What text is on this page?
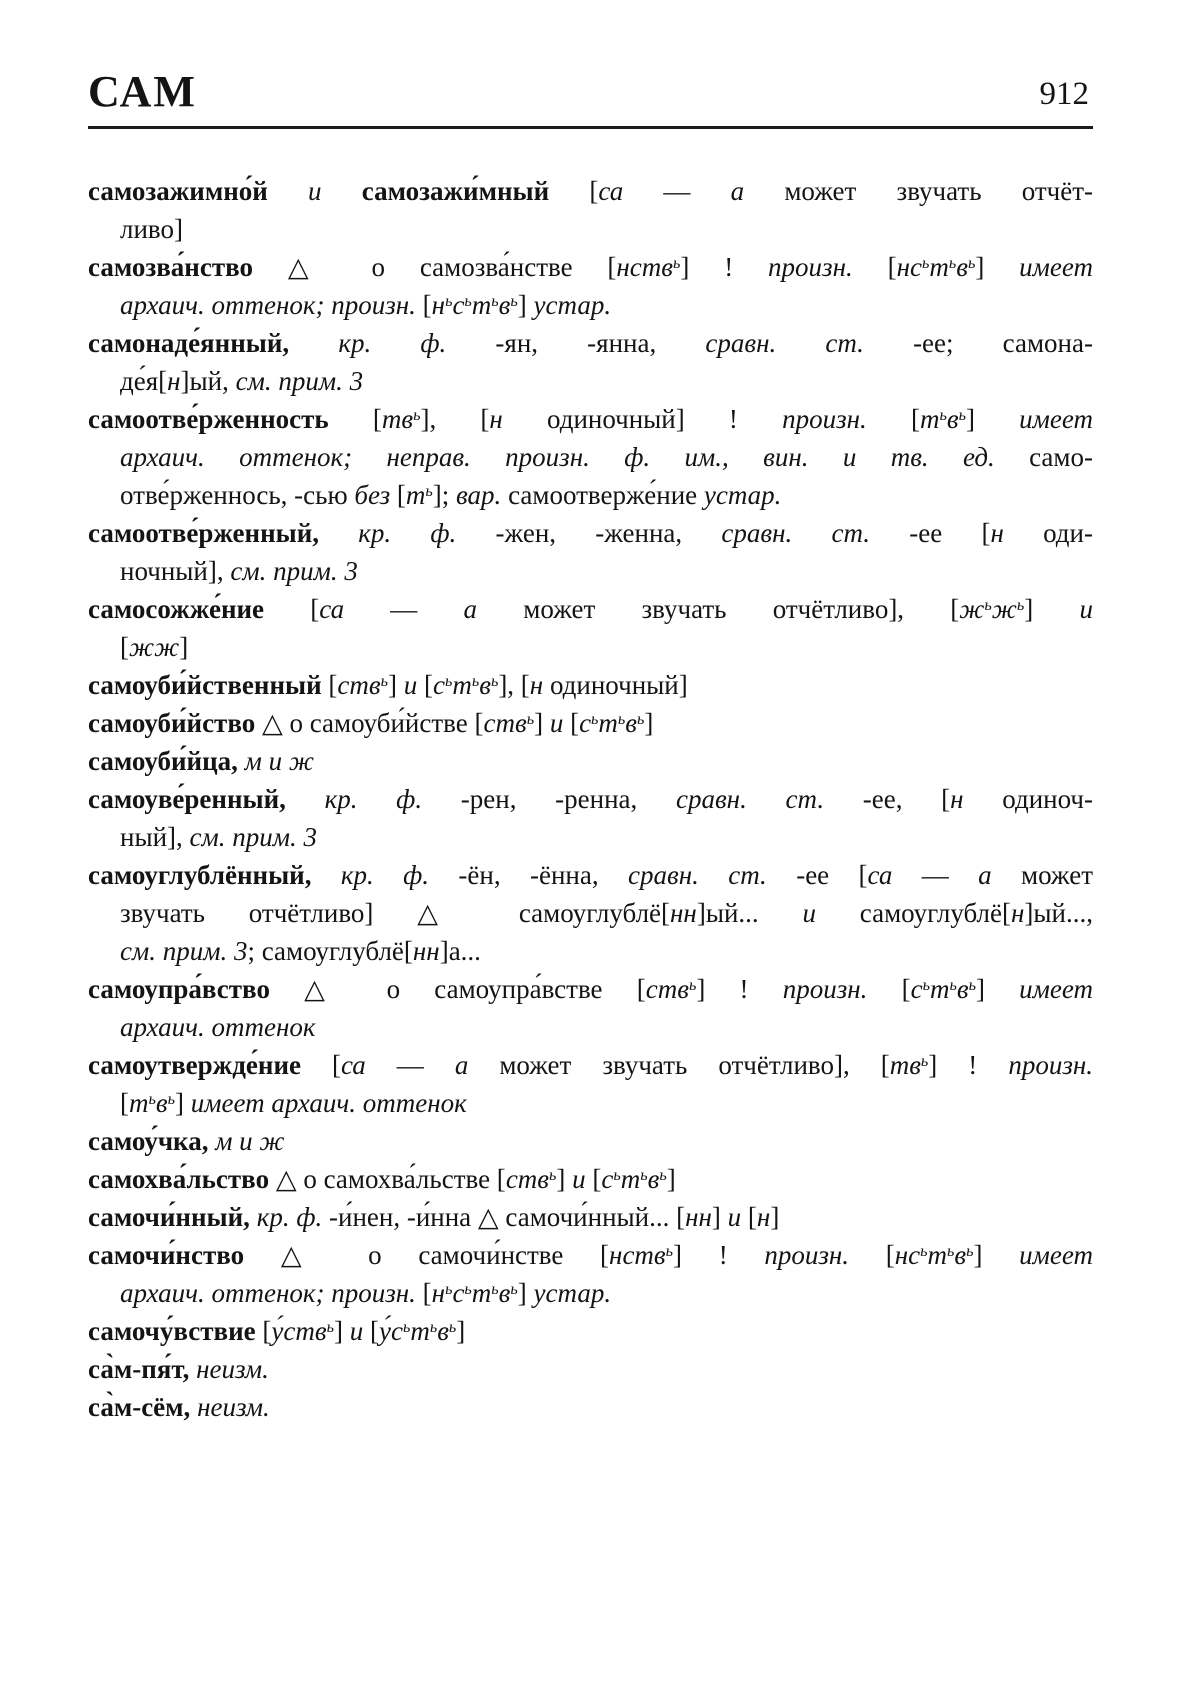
САМ	912
самозажимно́й и самозажи́мный [са — а может звучать отчёт-
ливо]
самозва́нство △ о самозва́нстве [нств$^ь$] ! произн. $[нс^ьт^ьв^ь]$ имеет
архаич. оттенок; произн. $[н^ьс^ьт^ьв^ь]$ устар.
самонаде́янный, кр. ф. -ян, -янна, сравн. ст. -ее; самона-
де́я[н]ый, см. прим. 3
самоотве́рженность $[тв^ь]$, [н одиночный] ! произн. $[т^ьв^ь]$ имеет
архаич. оттенок; неправ. произн. ф. им., вин. и тв. ед. само-
отве́рженнось, -сью без $[т^ь]$; вар. самоотверже́ние устар.
самоотве́рженный, кр. ф. -жен, -женна, сравн. ст. -ее [н оди-
ночный], см. прим. 3
самосожже́ние [са — а может звучать отчётливо], $[ж^ьж^ь]$ и
[жж]
самоуби́йственный [ств$^ь$] и $[с^ьт^ьв^ь]$, [н одиночный]
самоуби́йство △ о самоуби́йстве [ств$^ь$] и $[с^ьт^ьв^ь]$
самоуби́йца, м и ж
самоуве́ренный, кр. ф. -рен, -ренна, сравн. ст. -ее, [н одиноч-
ный], см. прим. 3
самоуглублённый, кр. ф. -ён, -ённа, сравн. ст. -ее [са — а может
звучать отчётливо] △ самоуглублё[нн]ый... и самоуглублё[н]ый...,
см. прим. 3; самоуглублё[нн]а...
самоупра́вство △ о самоупра́встве [ств$^ь$] ! произн. $[с^ьт^ьв^ь]$ имеет
архаич. оттенок
самоутвержде́ние [са — а может звучать отчётливо], $[тв^ь]$ ! произн.
$[т^ьв^ь]$ имеет архаич. оттенок
самоу́чка, м и ж
самохва́льство △ о самохва́льстве [ств$^ь$] и $[с^ьт^ьв^ь]$
самочи́нный, кр. ф. -и́нен, -и́нна △ самочи́нный... [нн] и [н]
самочи́нство △ о самочи́нстве [нств$^ь$] ! произн. $[нс^ьт^ьв^ь]$ имеет
архаич. оттенок; произн. $[н^ьс^ьт^ьв^ь]$ устар.
самочу́вствие [у́ств$^ь$] и $[у́с^ьт^ьв^ь]$
са̀м-пя́т, неизм.
са̀м-сём, неизм.
